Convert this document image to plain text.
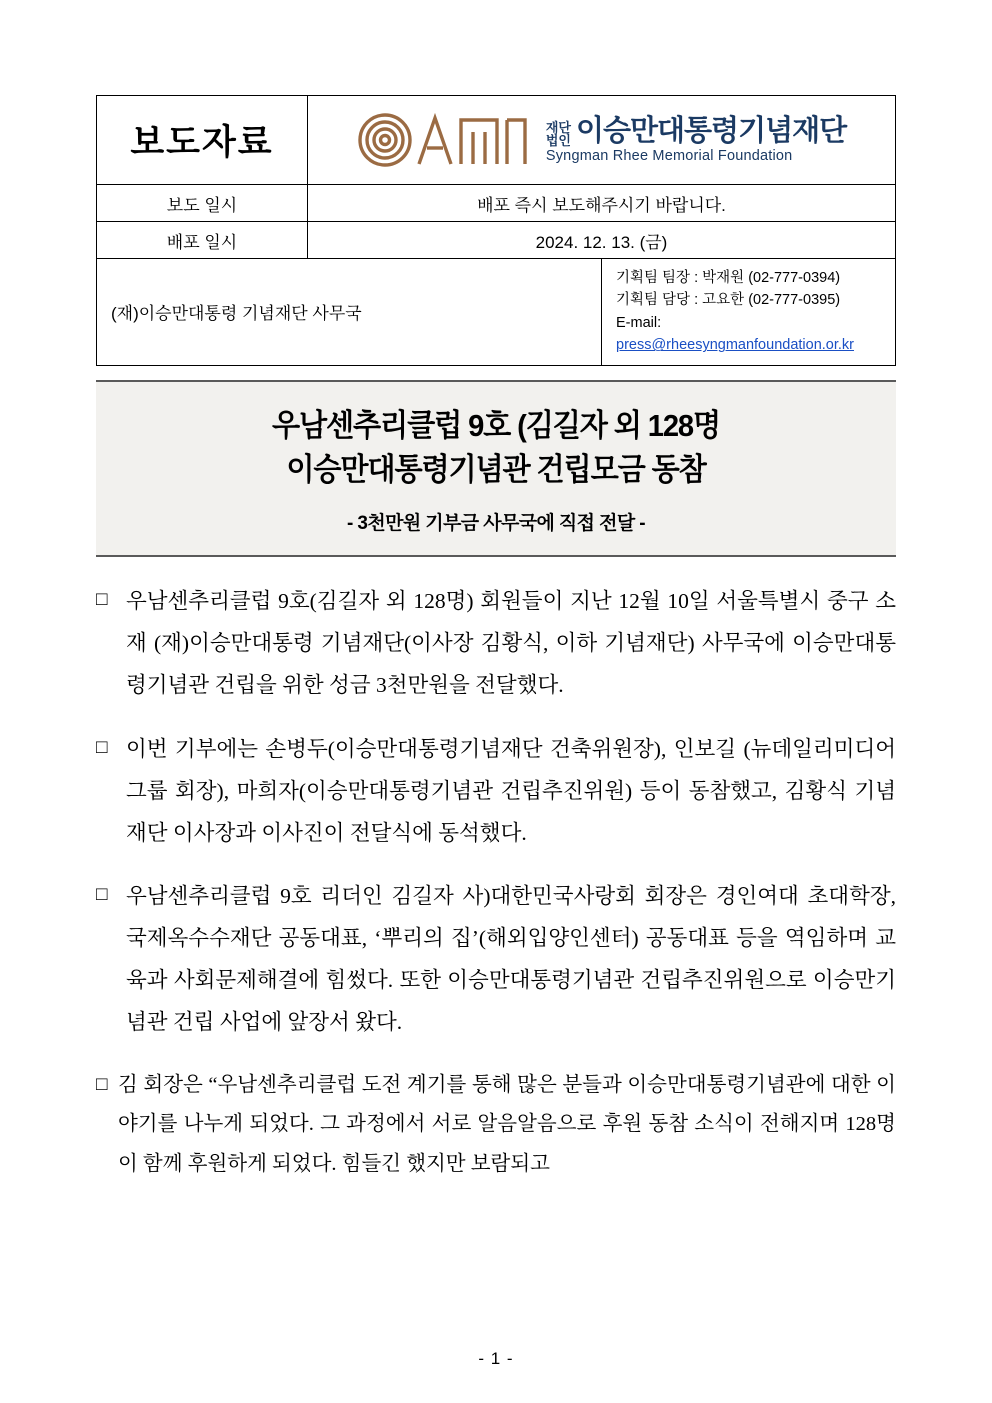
보도자료	재단
법인 이승만대통령기념재단
Syngman Rhee Memorial Foundation	

보도 일시	배포 즉시 보도해주시기 바랍니다.	
배포 일시	2024. 12. 13. (금)	
(재)이승만대통령 기념재단 사무국		기획팀 팀장 : 박재원 (02-777-0394)
기획팀 담당 : 고요한 (02-777-0395)
E-mail: press@rheesyngmanfoundation.or.kr
우남센추리클럽 9호 (김길자 외 128명
이승만대통령기념관 건립모금 동참
- 3천만원 기부금 사무국에 직접 전달 -
□ 우남센추리클럽 9호(김길자 외 128명) 회원들이 지난 12월 10일 서울특별시 중구 소재 (재)이승만대통령 기념재단(이사장 김황식, 이하 기념재단) 사무국에 이승만대통령기념관 건립을 위한 성금 3천만원을 전달했다.
□ 이번 기부에는 손병두(이승만대통령기념재단 건축위원장), 인보길 (뉴데일리미디어그룹 회장), 마희자(이승만대통령기념관 건립추진위원) 등이 동참했고, 김황식 기념재단 이사장과 이사진이 전달식에 동석했다.
□ 우남센추리클럽 9호 리더인 김길자 사)대한민국사랑회 회장은 경인여대 초대학장, 국제옥수수재단 공동대표, ‘뿌리의 집’(해외입양인센터) 공동대표 등을 역임하며 교육과 사회문제해결에 힘썼다. 또한 이승만대통령기념관 건립추진위원으로 이승만기념관 건립 사업에 앞장서 왔다.
□ 김 회장은 “우남센추리클럽 도전 계기를 통해 많은 분들과 이승만대통령기념관에 대한 이야기를 나누게 되었다. 그 과정에서 서로 알음알음으로 후원 동참 소식이 전해지며 128명이 함께 후원하게 되었다. 힘들긴 했지만 보람되고
- 1 -
